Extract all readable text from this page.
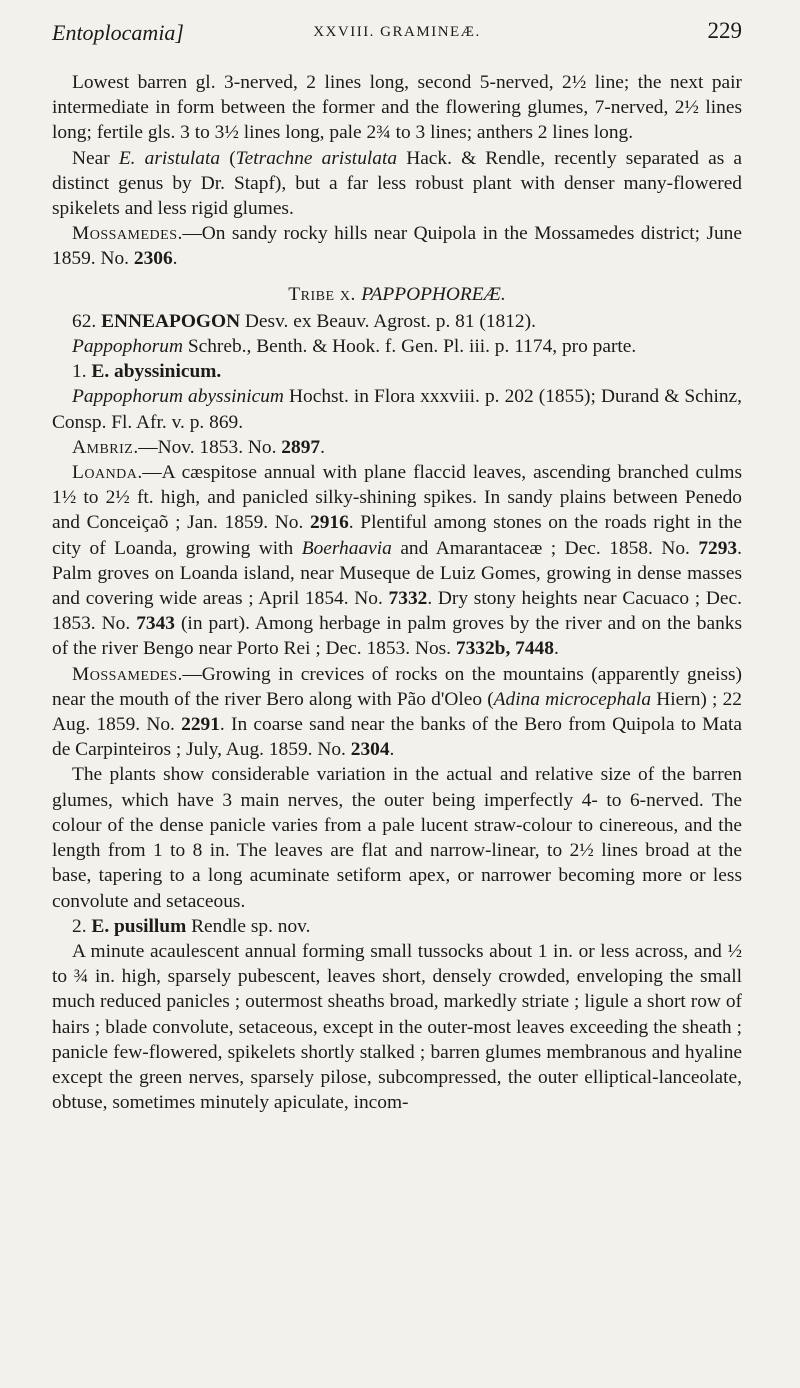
Entoplocamia]	XXVIII. GRAMINEÆ.	229

Lowest barren gl. 3-nerved, 2 lines long, second 5-nerved, 2½ line; the next pair intermediate in form between the former and the flowering glumes, 7-nerved, 2½ lines long; fertile gls. 3 to 3½ lines long, pale 2¾ to 3 lines; anthers 2 lines long.

Near E. aristulata (Tetrachne aristulata Hack. & Rendle, recently separated as a distinct genus by Dr. Stapf), but a far less robust plant with denser many-flowered spikelets and less rigid glumes.

Mossamedes.—On sandy rocky hills near Quipola in the Mossamedes district; June 1859. No. 2306.

Tribe x. PAPPOPHOREÆ.

62. ENNEAPOGON Desv. ex Beauv. Agrost. p. 81 (1812).

Pappophorum Schreb., Benth. & Hook. f. Gen. Pl. iii. p. 1174, pro parte.

1. E. abyssinicum.

Pappophorum abyssinicum Hochst. in Flora xxxviii. p. 202 (1855); Durand & Schinz, Consp. Fl. Afr. v. p. 869.

Ambriz.—Nov. 1853. No. 2897.

Loanda.—A cæspitose annual with plane flaccid leaves, ascending branched culms 1½ to 2½ ft. high, and panicled silky-shining spikes. In sandy plains between Penedo and Conceiçaõ ; Jan. 1859. No. 2916. Plentiful among stones on the roads right in the city of Loanda, growing with Boerhaavia and Amarantaceæ ; Dec. 1858. No. 7293. Palm groves on Loanda island, near Museque de Luiz Gomes, growing in dense masses and covering wide areas ; April 1854. No. 7332. Dry stony heights near Cacuaco ; Dec. 1853. No. 7343 (in part). Among herbage in palm groves by the river and on the banks of the river Bengo near Porto Rei ; Dec. 1853. Nos. 7332b, 7448.

Mossamedes.—Growing in crevices of rocks on the mountains (apparently gneiss) near the mouth of the river Bero along with Pão d'Oleo (Adina microcephala Hiern) ; 22 Aug. 1859. No. 2291. In coarse sand near the banks of the Bero from Quipola to Mata de Carpinteiros ; July, Aug. 1859. No. 2304.

The plants show considerable variation in the actual and relative size of the barren glumes, which have 3 main nerves, the outer being imperfectly 4- to 6-nerved. The colour of the dense panicle varies from a pale lucent straw-colour to cinereous, and the length from 1 to 8 in. The leaves are flat and narrow-linear, to 2½ lines broad at the base, tapering to a long acuminate setiform apex, or narrower becoming more or less convolute and setaceous.

2. E. pusillum Rendle sp. nov.

A minute acaulescent annual forming small tussocks about 1 in. or less across, and ½ to ¾ in. high, sparsely pubescent, leaves short, densely crowded, enveloping the small much reduced panicles ; outermost sheaths broad, markedly striate ; ligule a short row of hairs ; blade convolute, setaceous, except in the outer-most leaves exceeding the sheath ; panicle few-flowered, spikelets shortly stalked ; barren glumes membranous and hyaline except the green nerves, sparsely pilose, subcompressed, the outer elliptical-lanceolate, obtuse, sometimes minutely apiculate, incom-
